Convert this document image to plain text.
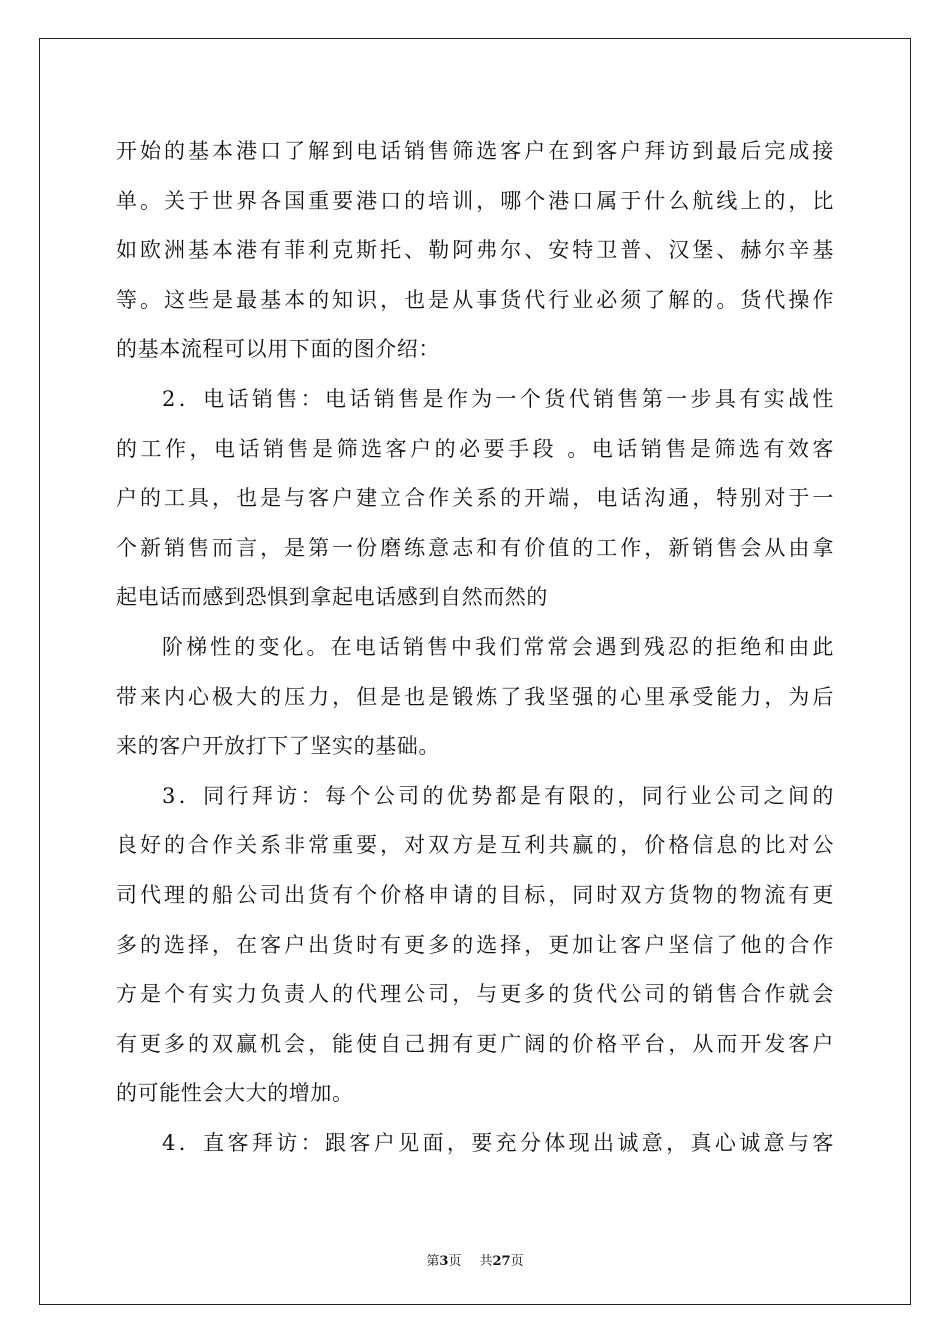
开始的基本港口了解到电话销售筛选客户在到客户拜访到最后完成接
单。关于世界各国重要港口的培训，哪个港口属于什么航线上的，比
如欧洲基本港有菲利克斯托、勒阿弗尔、安特卫普、汉堡、赫尔辛基
等。这些是最基本的知识，也是从事货代行业必须了解的。货代操作
的基本流程可以用下面的图介绍：
2．电话销售：电话销售是作为一个货代销售第一步具有实战性
的工作，电话销售是筛选客户的必要手段 。电话销售是筛选有效客
户的工具，也是与客户建立合作关系的开端，电话沟通，特别对于一
个新销售而言，是第一份磨练意志和有价值的工作，新销售会从由拿
起电话而感到恐惧到拿起电话感到自然而然的
阶梯性的变化。在电话销售中我们常常会遇到残忍的拒绝和由此
带来内心极大的压力，但是也是锻炼了我坚强的心里承受能力，为后
来的客户开放打下了坚实的基础。
3．同行拜访：每个公司的优势都是有限的，同行业公司之间的
良好的合作关系非常重要，对双方是互利共赢的，价格信息的比对公
司代理的船公司出货有个价格申请的目标，同时双方货物的物流有更
多的选择，在客户出货时有更多的选择，更加让客户坚信了他的合作
方是个有实力负责人的代理公司，与更多的货代公司的销售合作就会
有更多的双赢机会，能使自己拥有更广阔的价格平台，从而开发客户
的可能性会大大的增加。
4．直客拜访：跟客户见面，要充分体现出诚意，真心诚意与客
第3页 共27页
